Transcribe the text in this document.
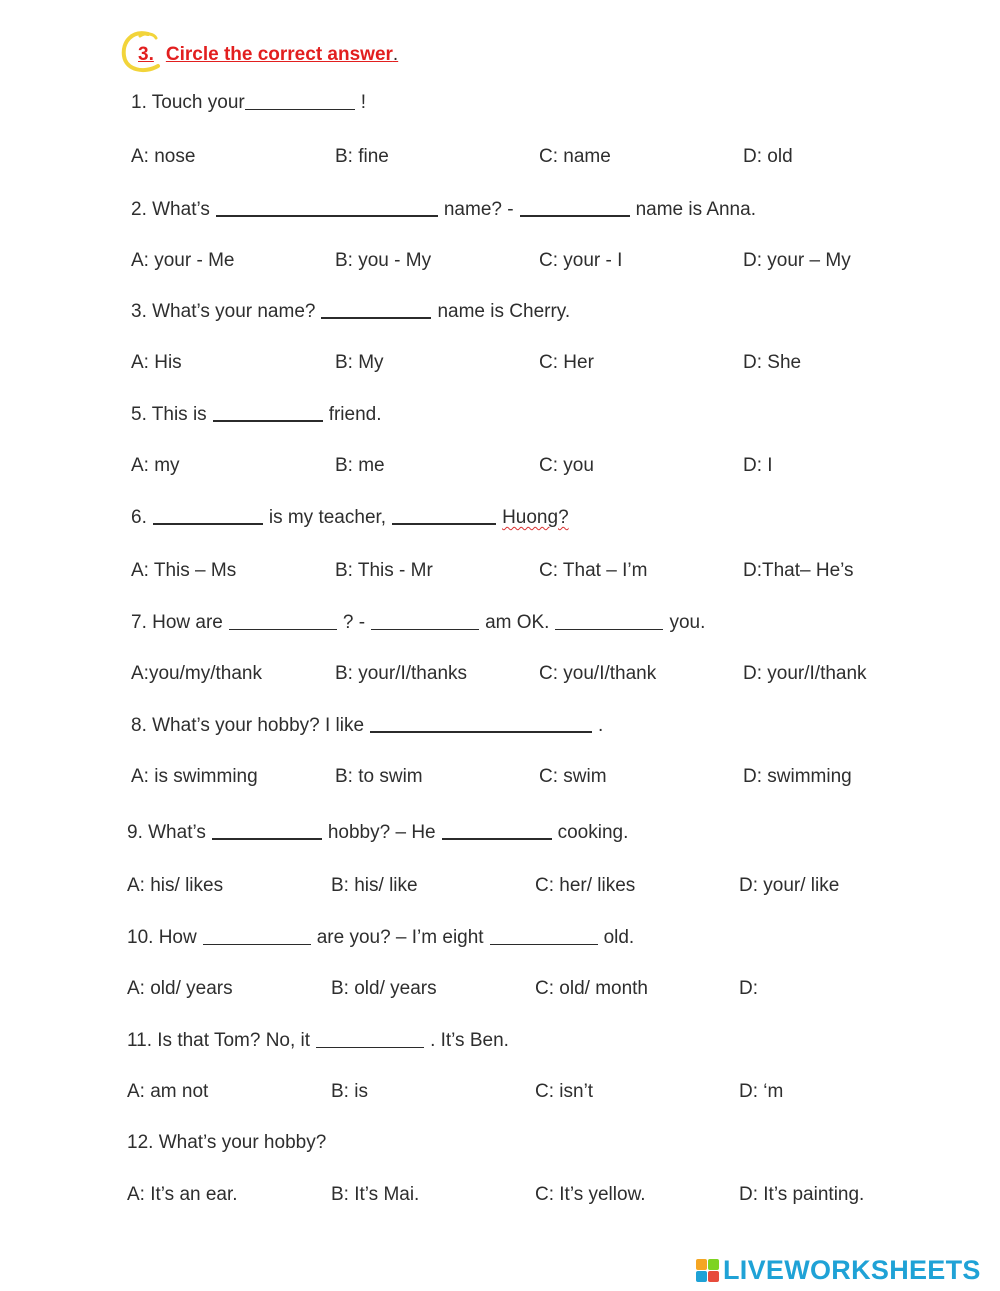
3. Circle the correct answer.
1. Touch your	!
A: nose	B: fine	C: name	D: old
2. What’s	name? -	name is Anna.
A: your - Me	B: you - My	C: your - I	D: your – My
3. What’s your name?	name is Cherry.
A: His	B: My	C: Her	D: She
5. This is	friend.
A: my	B: me	C: you	D: I
6.	is my teacher,	Huong?
A: This – Ms	B: This - Mr	C: That – I’m	D:That– He’s
7. How are	? -	am OK.	you.
A:you/my/thank	B: your/I/thanks	C: you/I/thank	D: your/I/thank
8. What’s your hobby? I like	.
A: is swimming	B: to swim	C: swim	D: swimming
9. What’s	hobby? – He	cooking.
A: his/ likes	B: his/ like	C: her/ likes	D: your/ like
10. How	are you? – I’m eight	old.
A: old/ years	B: old/ years	C: old/ month	D:
11. Is that Tom? No, it	. It’s Ben.
A: am not	B: is	C: isn’t	D: ‘m
12. What’s your hobby?
A: It’s an ear.	B: It’s Mai.	C: It’s yellow.	D: It’s painting.
LIVEWORKSHEETS
